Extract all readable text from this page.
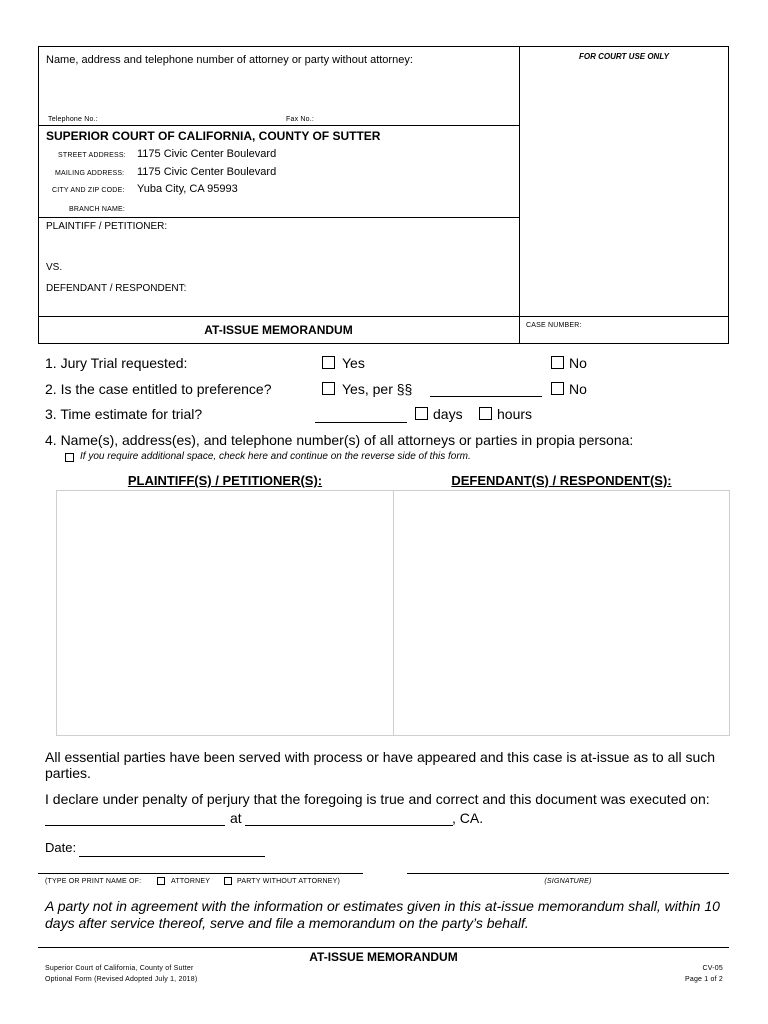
Name, address and telephone number of attorney or party without attorney:	FOR COURT USE ONLY
Telephone No.:	Fax No.:
SUPERIOR COURT OF CALIFORNIA, COUNTY OF SUTTER
STREET ADDRESS: 1175 Civic Center Boulevard
MAILING ADDRESS: 1175 Civic Center Boulevard
CITY AND ZIP CODE: Yuba City, CA 95993
BRANCH NAME:
PLAINTIFF / PETITIONER:
VS.
DEFENDANT / RESPONDENT:
AT-ISSUE MEMORANDUM	CASE NUMBER:
1. Jury Trial requested:	Yes	No
2. Is the case entitled to preference?	Yes, per §§	No
3. Time estimate for trial?	days hours
4. Name(s), address(es), and telephone number(s) of all attorneys or parties in propia persona:
If you require additional space, check here and continue on the reverse side of this form.
PLAINTIFF(S) / PETITIONER(S):	DEFENDANT(S) / RESPONDENT(S):
All essential parties have been served with process or have appeared and this case is at-issue as to all such parties.
I declare under penalty of perjury that the foregoing is true and correct and this document was executed on:
at	, CA.
Date:
(TYPE OR PRINT NAME OF:	ATTORNEY	PARTY WITHOUT ATTORNEY)	(SIGNATURE)
A party not in agreement with the information or estimates given in this at-issue memorandum shall, within 10 days after service thereof, serve and file a memorandum on the party’s behalf.
AT-ISSUE MEMORANDUM
Superior Court of California, County of Sutter
Optional Form (Revised Adopted July 1, 2018)
CV-05
Page 1 of 2
